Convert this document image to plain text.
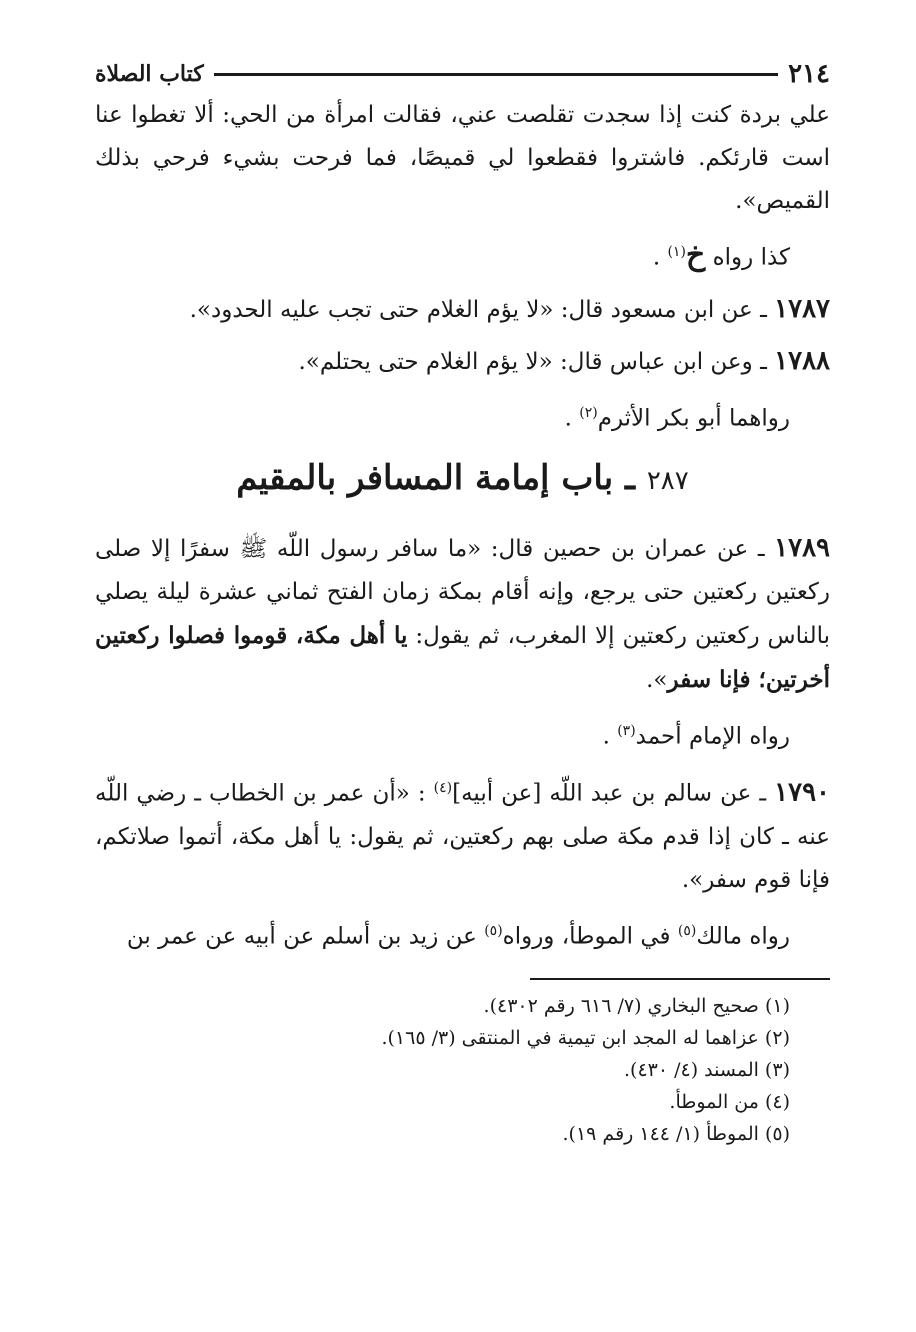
٢١٤
كتاب الصلاة

علي بردة كنت إذا سجدت تقلصت عني، فقالت امرأة من الحي: ألا تغطوا عنا است قارئكم. فاشتروا فقطعوا لي قميصًا، فما فرحت بشيء فرحي بذلك القميص».

كذا رواه خ$^{(١)}$ .

١٧٨٧ ـ عن ابن مسعود قال: «لا يؤم الغلام حتى تجب عليه الحدود».

١٧٨٨ ـ وعن ابن عباس قال: «لا يؤم الغلام حتى يحتلم».

رواهما أبو بكر الأثرم$^{(٢)}$ .

٢٨٧ ـ باب إمامة المسافر بالمقيم

١٧٨٩ ـ عن عمران بن حصين قال: «ما سافر رسول اللّه ﷺ سفرًا إلا صلى ركعتين ركعتين حتى يرجع، وإنه أقام بمكة زمان الفتح ثماني عشرة ليلة يصلي بالناس ركعتين ركعتين إلا المغرب، ثم يقول: يا أهل مكة، قوموا فصلوا ركعتين أخرتين؛ فإنا سفر».

رواه الإمام أحمد$^{(٣)}$ .

١٧٩٠ ـ عن سالم بن عبد اللّه [عن أبيه]$^{(٤)}$ : «أن عمر بن الخطاب ـ رضي اللّه عنه ـ كان إذا قدم مكة صلى بهم ركعتين، ثم يقول: يا أهل مكة، أتموا صلاتكم، فإنا قوم سفر».

رواه مالك$^{(٥)}$ في الموطأ، ورواه$^{(٥)}$ عن زيد بن أسلم عن أبيه عن عمر بن

(١) صحيح البخاري (٧/ ٦١٦ رقم ٤٣٠٢).
(٢) عزاهما له المجد ابن تيمية في المنتقى (٣/ ١٦٥).
(٣) المسند (٤/ ٤٣٠).
(٤) من الموطأ.
(٥) الموطأ (١/ ١٤٤ رقم ١٩).
